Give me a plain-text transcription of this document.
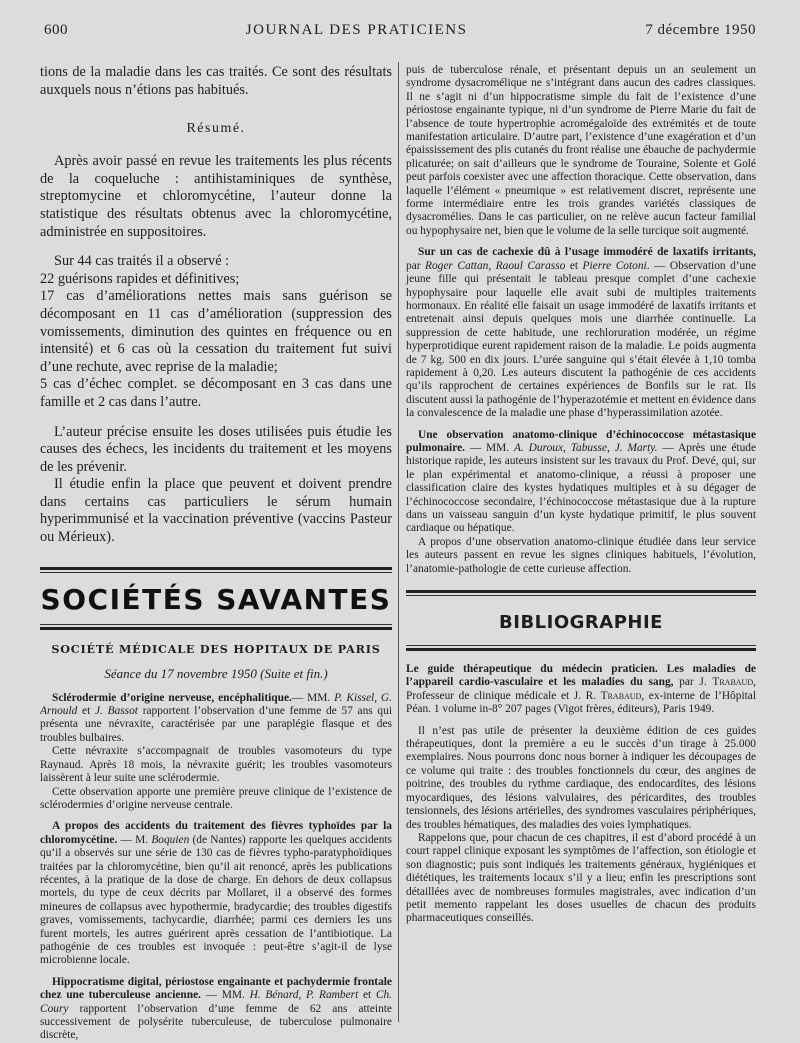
600	JOURNAL DES PRATICIENS	7 décembre 1950

tions de la maladie dans les cas traités. Ce sont des résultats auxquels nous n’étions pas habitués.

Résumé.

Après avoir passé en revue les traitements les plus récents de la coqueluche : antihistaminiques de synthèse, streptomycine et chloromycétine, l’auteur donne la statistique des résultats obtenus avec la chloromycétine, administrée en suppositoires.

Sur 44 cas traités il a observé :

22 guérisons rapides et définitives;

17 cas d’améliorations nettes mais sans guérison se décomposant en 11 cas d’amélioration (suppression des vomissements, diminution des quintes en fréquence ou en intensité) et 6 cas où la cessation du traitement fut suivi d’une rechute, avec reprise de la maladie;

5 cas d’échec complet. se décomposant en 3 cas dans une famille et 2 cas dans l’autre.

L’auteur précise ensuite les doses utilisées puis étudie les causes des échecs, les incidents du traitement et les moyens de les prévenir.

Il étudie enfin la place que peuvent et doivent prendre dans certains cas particuliers le sérum humain hyperimmunisé et la vaccination préventive (vaccins Pasteur ou Mérieux).

SOCIÉTÉS SAVANTES
SOCIÉTÉ MÉDICALE DES HOPITAUX DE PARIS
Séance du 17 novembre 1950 (Suite et fin.)

Sclérodermie d’origine nerveuse, encéphalitique.— MM. P. Kissel, G. Arnould et J. Bassot rapportent l’observation d’une femme de 57 ans qui présenta une névraxite, caractérisée par une paraplégie flasque et des troubles bulbaires.

Cette névraxite s’accompagnait de troubles vasomoteurs du type Raynaud. Après 18 mois, la névraxite guérit; les troubles vasomoteurs laissèrent à leur suite une sclérodermie.

Cette observation apporte une première preuve clinique de l’existence de sclérodermies d’origine nerveuse centrale.

A propos des accidents du traitement des fièvres typhoïdes par la chloromycétine. — M. Boquien (de Nantes) rapporte les quelques accidents qu’il a observés sur une série de 130 cas de fièvres typho-paratyphoïdiques traitées par la chloromycétine, bien qu’il ait renoncé, après les publications récentes, à la pratique de la dose de charge. En dehors de deux collapsus mortels, du type de ceux décrits par Mollaret, il a observé des formes mineures de collapsus avec hypothermie, bradycardie; des troubles digestifs graves, vomissements, tachycardie, diarrhée; parmi ces derniers les uns furent mortels, les autres guérirent après cessation de l’antibiotique. La pathogénie de ces troubles est invoquée : peut-être s’agit-il de lyse microbienne locale.

Hippocratisme digital, périostose engainante et pachydermie frontale chez une tuberculeuse ancienne. — MM. H. Bénard, P. Rambert et Ch. Coury rapportent l’observation d’une femme de 62 ans atteinte successivement de polysérite tuberculeuse, de tuberculose pulmonaire discrète,

puis de tuberculose rénale, et présentant depuis un an seulement un syndrome dysacromélique ne s’intégrant dans aucun des cadres classiques. Il ne s’agit ni d’un hippocratisme simple du fait de l’existence d’une périostose engainante typique, ni d’un syndrome de Pierre Marie du fait de l’absence de toute hypertrophie acromégaloïde des extrémités et de toute manifestation articulaire. D’autre part, l’existence d’une exagération et d’un épaississement des plis cutanés du front réalise une ébauche de pachydermie plicaturée; on sait d’ailleurs que le syndrome de Touraine, Solente et Golé peut parfois coexister avec une affection thoracique. Cette observation, dans laquelle l’élément « pneumique » est relativement discret, représente une forme intermédiaire entre les trois grandes variétés classiques de dysacromélies. Dans le cas particulier, on ne relève aucun facteur familial ou hypophysaire net, bien que le volume de la selle turcique soit augmenté.

Sur un cas de cachexie dû à l’usage immodéré de laxatifs irritants, par Roger Cattan, Raoul Carasso et Pierre Cotoni. — Observation d’une jeune fille qui présentait le tableau presque complet d’une cachexie hypophysaire pour laquelle elle avait subi de multiples traitements hormonaux. En réalité elle faisait un usage immodéré de laxatifs irritants et entretenait ainsi depuis quelques mois une diarrhée continuelle. La suppression de cette habitude, une rechloruration modérée, un régime hyperprotidique eurent rapidement raison de la maladie. Le poids augmenta de 7 kg. 500 en dix jours. L’urée sanguine qui s’était élevée à 1,10 tomba rapidement à 0,20. Les auteurs discutent la pathogénie de ces accidents qu’ils rapprochent de certaines expériences de Bonfils sur le rat. Ils discutent aussi la pathogénie de l’hyperazotémie et mettent en évidence dans la convalescence de la maladie une phase d’hyperassimilation azotée.

Une observation anatomo-clinique d’échinococcose métastasique pulmonaire. — MM. A. Duroux, Tabusse, J. Marty. — Après une étude historique rapide, les auteurs insistent sur les travaux du Prof. Devé, qui, sur le plan expérimental et anatomo-clinique, a réussi à proposer une classification claire des kystes hydatiques multiples et à su dégager de l’échinococcose secondaire, l’échinococcose métastasique due à la rupture dans un vaisseau sanguin d’un kyste hydatique primitif, le plus souvent cardiaque ou hépatique.

A propos d’une observation anatomo-clinique étudiée dans leur service les auteurs passent en revue les signes cliniques habituels, l’évolution, l’anatomie-pathologie de cette curieuse affection.

BIBLIOGRAPHIE

Le guide thérapeutique du médecin praticien. Les maladies de l’appareil cardio-vasculaire et les maladies du sang, par J. Trabaud, Professeur de clinique médicale et J. R. Trabaud, ex-interne de l’Hôpital Péan. 1 volume in-8° 207 pages (Vigot frères, éditeurs), Paris 1949.

Il n’est pas utile de présenter la deuxième édition de ces guides thérapeutiques, dont la première a eu le succès d’un tirage à 25.000 exemplaires. Nous pourrons donc nous borner à indiquer les découpages de ce volume qui traite : des troubles fonctionnels du cœur, des angines de poitrine, des troubles du rythme cardiaque, des endocardites, des lésions myocardiques, des lésions valvulaires, des péricardites, des troubles tensionnels, des lésions artérielles, des syndromes vasculaires périphériques, des troubles hématiques, des maladies des voies lymphatiques.

Rappelons que, pour chacun de ces chapitres, il est d’abord procédé à un court rappel clinique exposant les symptômes de l’affection, son étiologie et son diagnostic; puis sont indiqués les traitements généraux, hygiéniques et diététiques, les traitements locaux s’il y a lieu; enfin les prescriptions sont détaillées avec de nombreuses formules magistrales, avec indication d’un petit memento rappelant les doses usuelles de chacun des produits pharmaceutiques conseillés.
